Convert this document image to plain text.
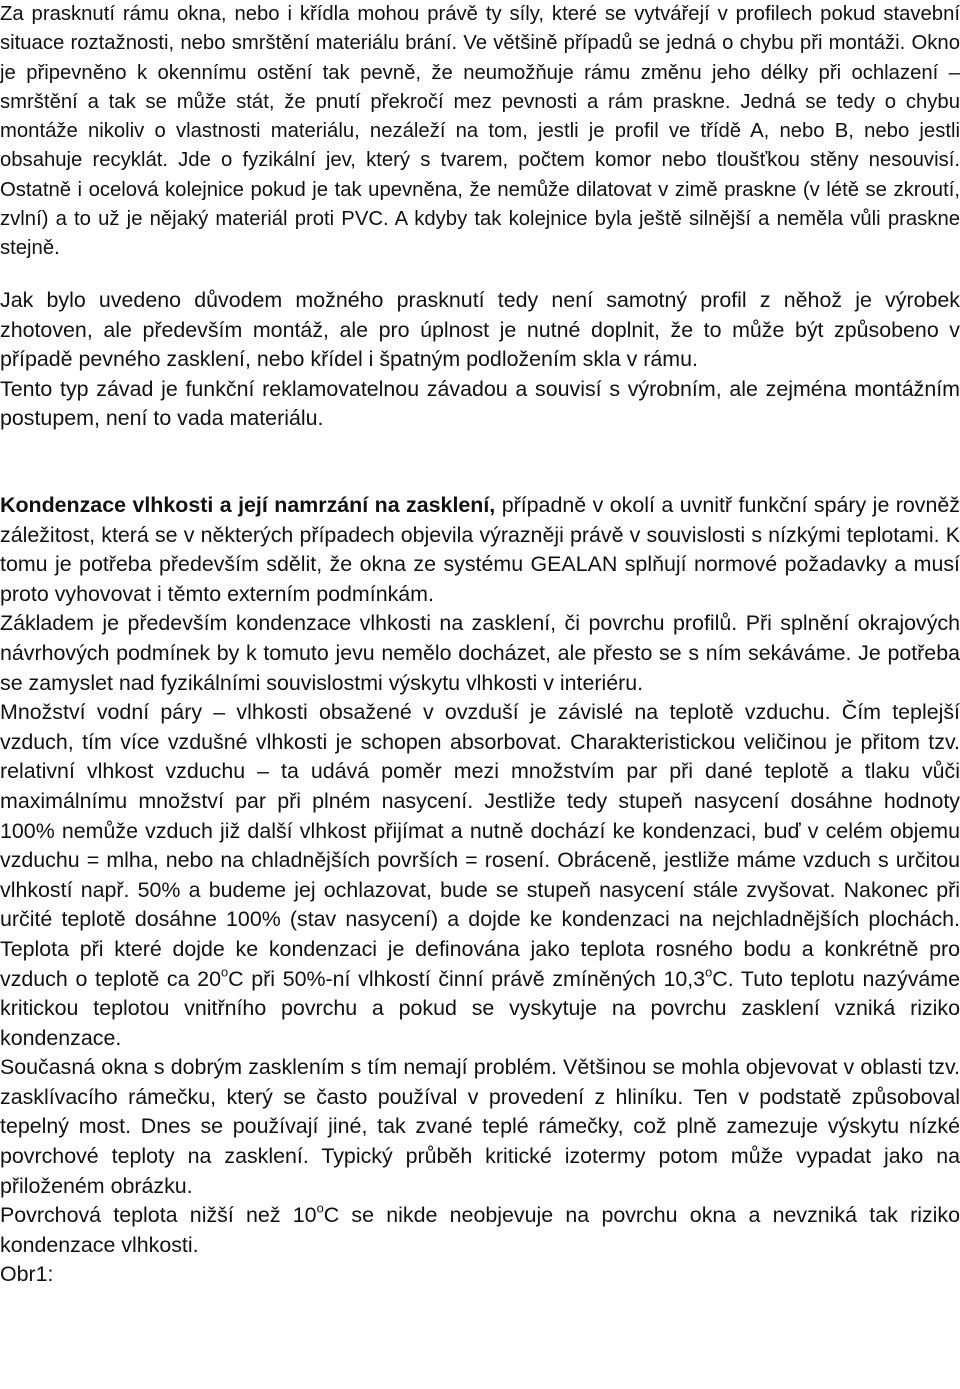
Za prasknutí rámu okna, nebo i křídla mohou právě ty síly, které se vytvářejí v profilech pokud stavební situace roztažnosti, nebo smrštění materiálu brání. Ve většině případů se jedná o chybu při montáži. Okno je připevněno k okennímu ostění tak pevně, že neumožňuje rámu změnu jeho délky při ochlazení – smrštění a tak se může stát, že pnutí překročí mez pevnosti a rám praskne. Jedná se tedy o chybu montáže nikoliv o vlastnosti materiálu, nezáleží na tom, jestli je profil ve třídě A, nebo B, nebo jestli obsahuje recyklát. Jde o fyzikální jev, který s tvarem, počtem komor nebo tloušťkou stěny nesouvisí. Ostatně i ocelová kolejnice pokud je tak upevněna, že nemůže dilatovat v zimě praskne (v létě se zkroutí, zvlní) a to už je nějaký materiál proti PVC. A kdyby tak kolejnice byla ještě silnější a neměla vůli praskne stejně.

Jak bylo uvedeno důvodem možného prasknutí tedy není samotný profil z něhož je výrobek zhotoven, ale především montáž, ale pro úplnost je nutné doplnit, že to může být způsobeno v případě pevného zasklení, nebo křídel i špatným podložením skla v rámu.

Tento typ závad je funkční reklamovatelnou závadou a souvisí s výrobním, ale zejména montážním postupem, není to vada materiálu.

Kondenzace vlhkosti a její namrzání na zasklení, případně v okolí a uvnitř funkční spáry je rovněž záležitost, která se v některých případech objevila výrazněji právě v souvislosti s nízkými teplotami. K tomu je potřeba především sdělit, že okna ze systému GEALAN splňují normové požadavky a musí proto vyhovovat i těmto externím podmínkám.

Základem je především kondenzace vlhkosti na zasklení, či povrchu profilů. Při splnění okrajových návrhových podmínek by k tomuto jevu nemělo docházet, ale přesto se s ním sekáváme. Je potřeba se zamyslet nad fyzikálními souvislostmi výskytu vlhkosti v interiéru.

Množství vodní páry – vlhkosti obsažené v ovzduší je závislé na teplotě vzduchu. Čím teplejší vzduch, tím více vzdušné vlhkosti je schopen absorbovat. Charakteristickou veličinou je přitom tzv. relativní vlhkost vzduchu – ta udává poměr mezi množstvím par při dané teplotě a tlaku vůči maximálnímu množství par při plném nasycení. Jestliže tedy stupeň nasycení dosáhne hodnoty 100% nemůže vzduch již další vlhkost přijímat a nutně dochází ke kondenzaci, buď v celém objemu vzduchu = mlha, nebo na chladnějších površích = rosení. Obráceně, jestliže máme vzduch s určitou vlhkostí např. 50% a budeme jej ochlazovat, bude se stupeň nasycení stále zvyšovat. Nakonec při určité teplotě dosáhne 100% (stav nasycení) a dojde ke kondenzaci na nejchladnějších plochách. Teplota při které dojde ke kondenzaci je definována jako teplota rosného bodu a konkrétně pro vzduch o teplotě ca 20$^o$C při 50%-ní vlhkostí činní právě zmíněných 10,3$^o$C. Tuto teplotu nazýváme kritickou teplotou vnitřního povrchu a pokud se vyskytuje na povrchu zasklení vzniká riziko kondenzace.

Současná okna s dobrým zasklením s tím nemají problém. Většinou se mohla objevovat v oblasti tzv. zasklívacího rámečku, který se často používal v provedení z hliníku. Ten v podstatě způsoboval tepelný most. Dnes se používají jiné, tak zvané teplé rámečky, což plně zamezuje výskytu nízké povrchové teploty na zasklení. Typický průběh kritické izotermy potom může vypadat jako na přiloženém obrázku.

Povrchová teplota nižší než 10$^o$C se nikde neobjevuje na povrchu okna a nevzniká tak riziko kondenzace vlhkosti.

Obr1:
